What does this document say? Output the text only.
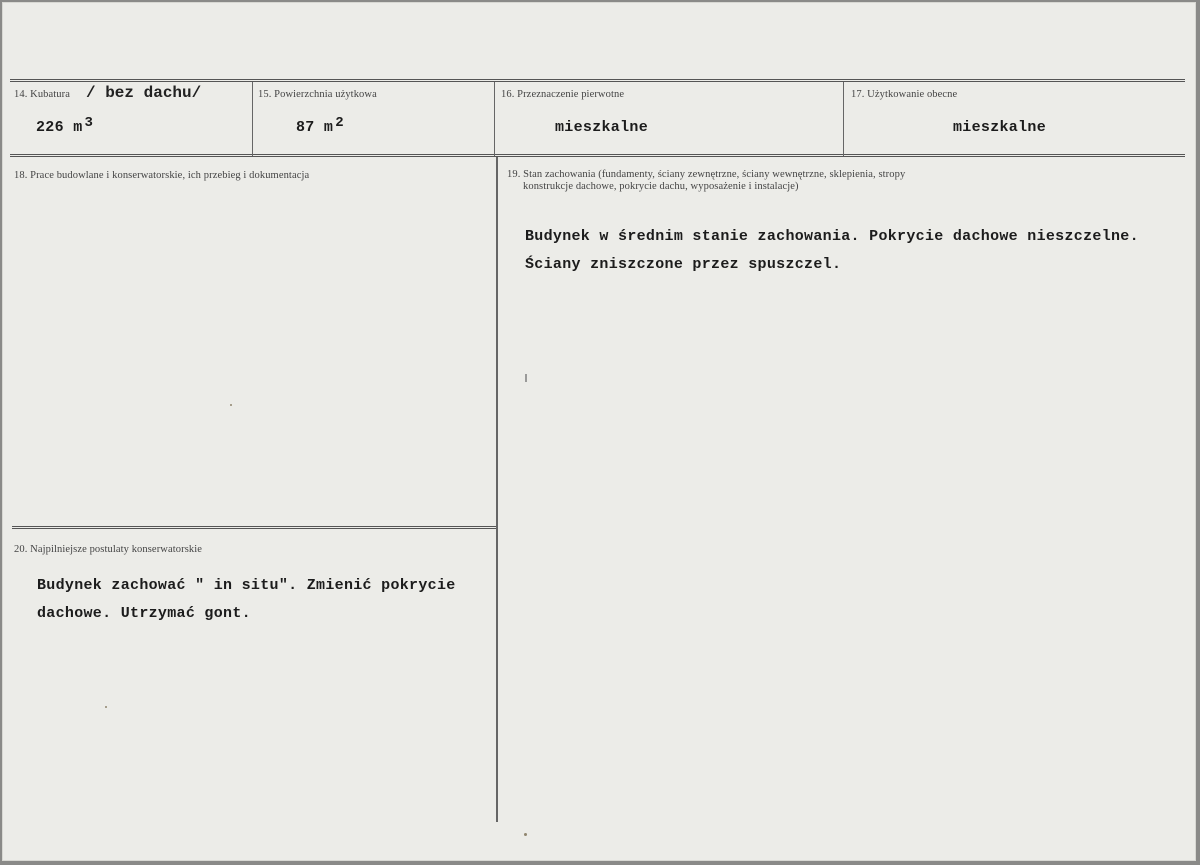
14. Kubatura / bez dachu/
226 m $^3$
15. Powierzchnia użytkowa
87 m $^2$
16. Przeznaczenie pierwotne
mieszkalne
17. Użytkowanie obecne
mieszkalne
18. Prace budowlane i konserwatorskie, ich przebieg i dokumentacja	19. Stan zachowania (fundamenty, ściany zewnętrzne, ściany wewnętrzne, sklepienia, stropy
konstrukcje dachowe, pokrycie dachu, wyposażenie i instalacje)
Budynek w średnim stanie zachowania. Pokrycie dachowe nieszczelne.
Ściany zniszczone przez spuszczel.
20. Najpilniejsze postulaty konserwatorskie
Budynek zachować " in situ". Zmienić pokrycie
dachowe. Utrzymać gont.
